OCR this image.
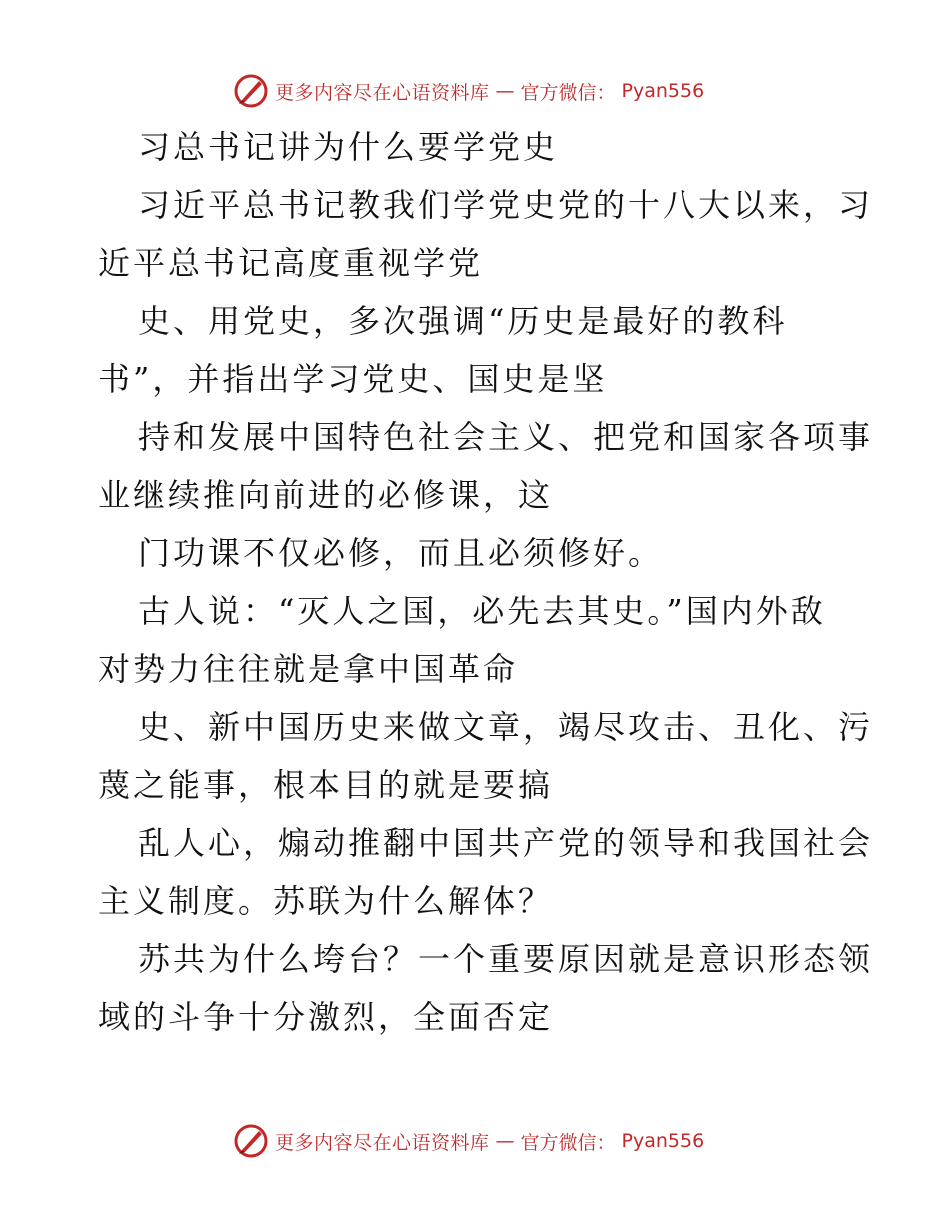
更多内容尽在心语资料库 — 官方微信： Pyan556
习总书记讲为什么要学党史
习近平总书记教我们学党史党的十八大以来，习
近平总书记高度重视学党
史、用党史，多次强调“历史是最好的教科
书”，并指出学习党史、国史是坚
持和发展中国特色社会主义、把党和国家各项事
业继续推向前进的必修课，这
门功课不仅必修，而且必须修好。
古人说：“灭人之国，必先去其史。”国内外敌
对势力往往就是拿中国革命
史、新中国历史来做文章，竭尽攻击、丑化、污
蔑之能事，根本目的就是要搞
乱人心，煽动推翻中国共产党的领导和我国社会
主义制度。苏联为什么解体？
苏共为什么垮台？一个重要原因就是意识形态领
域的斗争十分激烈，全面否定
更多内容尽在心语资料库 — 官方微信： Pyan556
